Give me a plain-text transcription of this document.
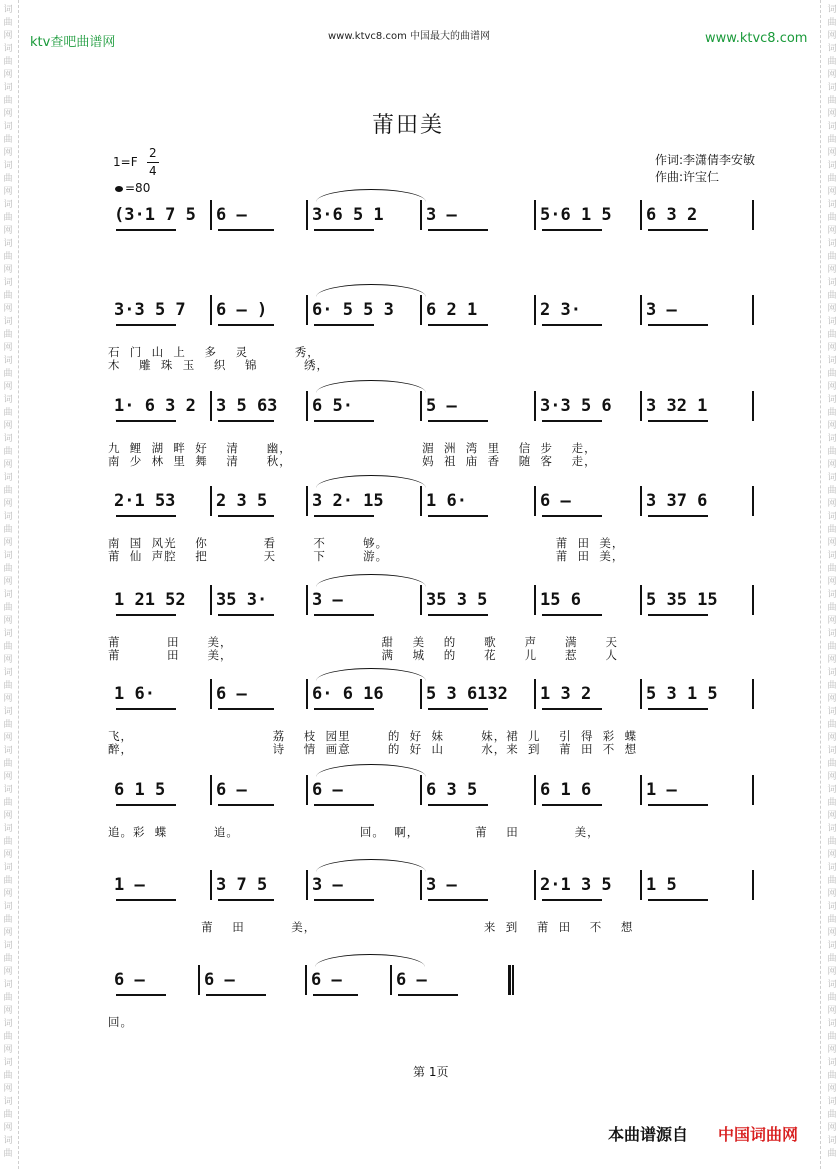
词
曲
网
词
曲
网
词
曲
网
词
曲
网
词
曲
网
词
曲
网
词
曲
网
词
曲
网
词
曲
网
词
曲
网
词
曲
网
词
曲
网
词
曲
网
词
曲
网
词
曲
网
词
曲
网
词
曲
网
词
曲
网
词
曲
网
词
曲
网
词
曲
网
词
曲
网
词
曲
网
词
曲
网
词
曲
网
词
曲
网
词
曲
网
词
曲
网
词
曲
网
词
曲
词
曲
网
词
曲
网
词
曲
网
词
曲
网
词
曲
网
词
曲
网
词
曲
网
词
曲
网
词
曲
网
词
曲
网
词
曲
网
词
曲
网
词
曲
网
词
曲
网
词
曲
网
词
曲
网
词
曲
网
词
曲
网
词
曲
网
词
曲
网
词
曲
网
词
曲
网
词
曲
网
词
曲
网
词
曲
网
词
曲
网
词
曲
网
词
曲
网
词
曲
网
词
曲
ktv查吧曲谱网	www.ktvc8.com 中国最大的曲谱网	www.ktvc8.com
莆田美
1=F
2
4
=80
作词:李潇倩李安敏
作曲:许宝仁
(3·1 7 5 6 –	3·6 5 1 3 –	5·6 1 5 6 3 2
3·3 5 7 6 – )	6· 5 5 3 6 2 1	2 3·	3 –
石  门  山  上    多    灵          秀，
木    雕  珠  玉    织    锦          绣，
1· 6 3 2 3 5 63 6 5·	5 –	3·3 5 6 3 32 1
九  鲤  湖  畔  好    清      幽，                            湄  洲  湾  里    信  步    走，
南  少  林  里  舞    清      秋，                            妈  祖  庙  香    随  客    走，
2·1 53 2 3 5	3 2· 15 1 6·	6 –	3 37 6
南  国  风光    你            看        不        够。                                    莆  田  美，
莆  仙  声腔    把            天        下        游。                                    莆  田  美，
1 21 52 35 3·	3 –	35 3 5	15 6	5 35 15
莆          田      美，                                甜    美    的      歌      声      满      天
莆          田      美，                                满    城    的      花      儿      惹      人
1 6·	6 –	6· 6 16 5 3 6132 1 3 2	5 3 1 5
飞，                              荔    枝  园里        的  好  妹        妹，裙  儿    引  得  彩  蝶
醉，                              诗    情  画意        的  好  山        水，来  到    莆  田  不  想
6 1 5	6 –	6 –	6 3 5	6 1 6	1 –
追。彩  蝶          追。                          回。  啊，            莆    田            美，
1 –	3 7 5	3 –	3 –	2·1 3 5 1 5
莆    田          美，                                    来  到    莆  田    不    想
6 –	6 –	6 –	6 –
回。
第 1页
本曲谱源自 中国词曲网
